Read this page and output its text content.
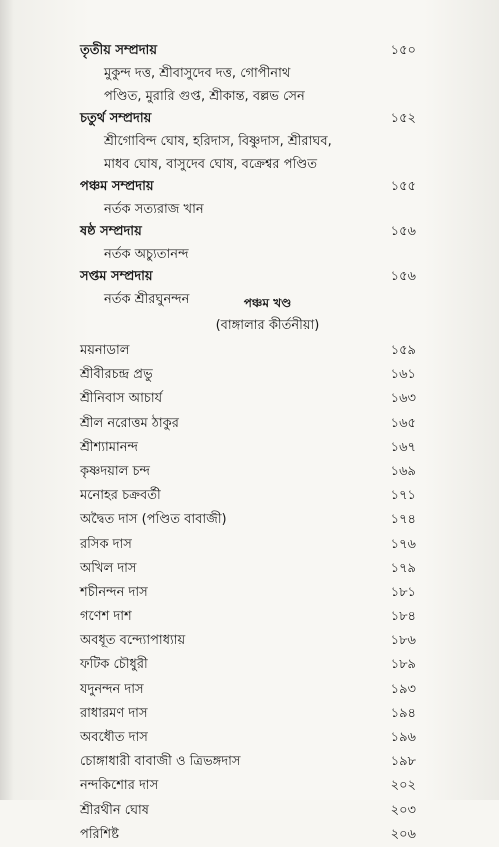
তৃতীয় সম্প্রদায়	১৫০
মুকুন্দ দত্ত, শ্রীবাসুদেব দত্ত, গোপীনাথ
পণ্ডিত, মুরারি গুপ্ত, শ্রীকান্ত, বল্লভ সেন
চতুর্থ সম্প্রদায়	১৫২
শ্রীগোবিন্দ ঘোষ, হরিদাস, বিষ্ণুদাস, শ্রীরাঘব,
মাধব ঘোষ, বাসুদেব ঘোষ, বক্রেশ্বর পণ্ডিত
পঞ্চম সম্প্রদায়	১৫৫
নর্তক সত্যরাজ খান
ষষ্ঠ সম্প্রদায়	১৫৬
নর্তক অচ্যুতানন্দ
সপ্তম সম্প্রদায়	১৫৬
নর্তক শ্রীরঘুনন্দন	পঞ্চম খণ্ড
(বাঙ্গালার কীর্তনীয়া)
ময়নাডাল	১৫৯
শ্রীবীরচন্দ্র প্রভু	১৬১
শ্রীনিবাস আচার্য	১৬৩
শ্রীল নরোত্তম ঠাকুর	১৬৫
শ্রীশ্যামানন্দ	১৬৭
কৃষ্ণদয়াল চন্দ	১৬৯
মনোহর চক্রবর্তী	১৭১
অদ্বৈত দাস (পণ্ডিত বাবাজী)	১৭৪
রসিক দাস	১৭৬
অখিল দাস	১৭৯
শচীনন্দন দাস	১৮১
গণেশ দাশ	১৮৪
অবধূত বন্দ্যোপাধ্যায়	১৮৬
ফটিক চৌধুরী	১৮৯
যদুনন্দন দাস	১৯৩
রাধারমণ দাস	১৯৪
অবধৌত দাস	১৯৬
চোঙ্গাধারী বাবাজী ও ত্রিভঙ্গদাস	১৯৮
নন্দকিশোর দাস	২০২
শ্রীরথীন ঘোষ	২০৩
পরিশিষ্ট	২০৬
